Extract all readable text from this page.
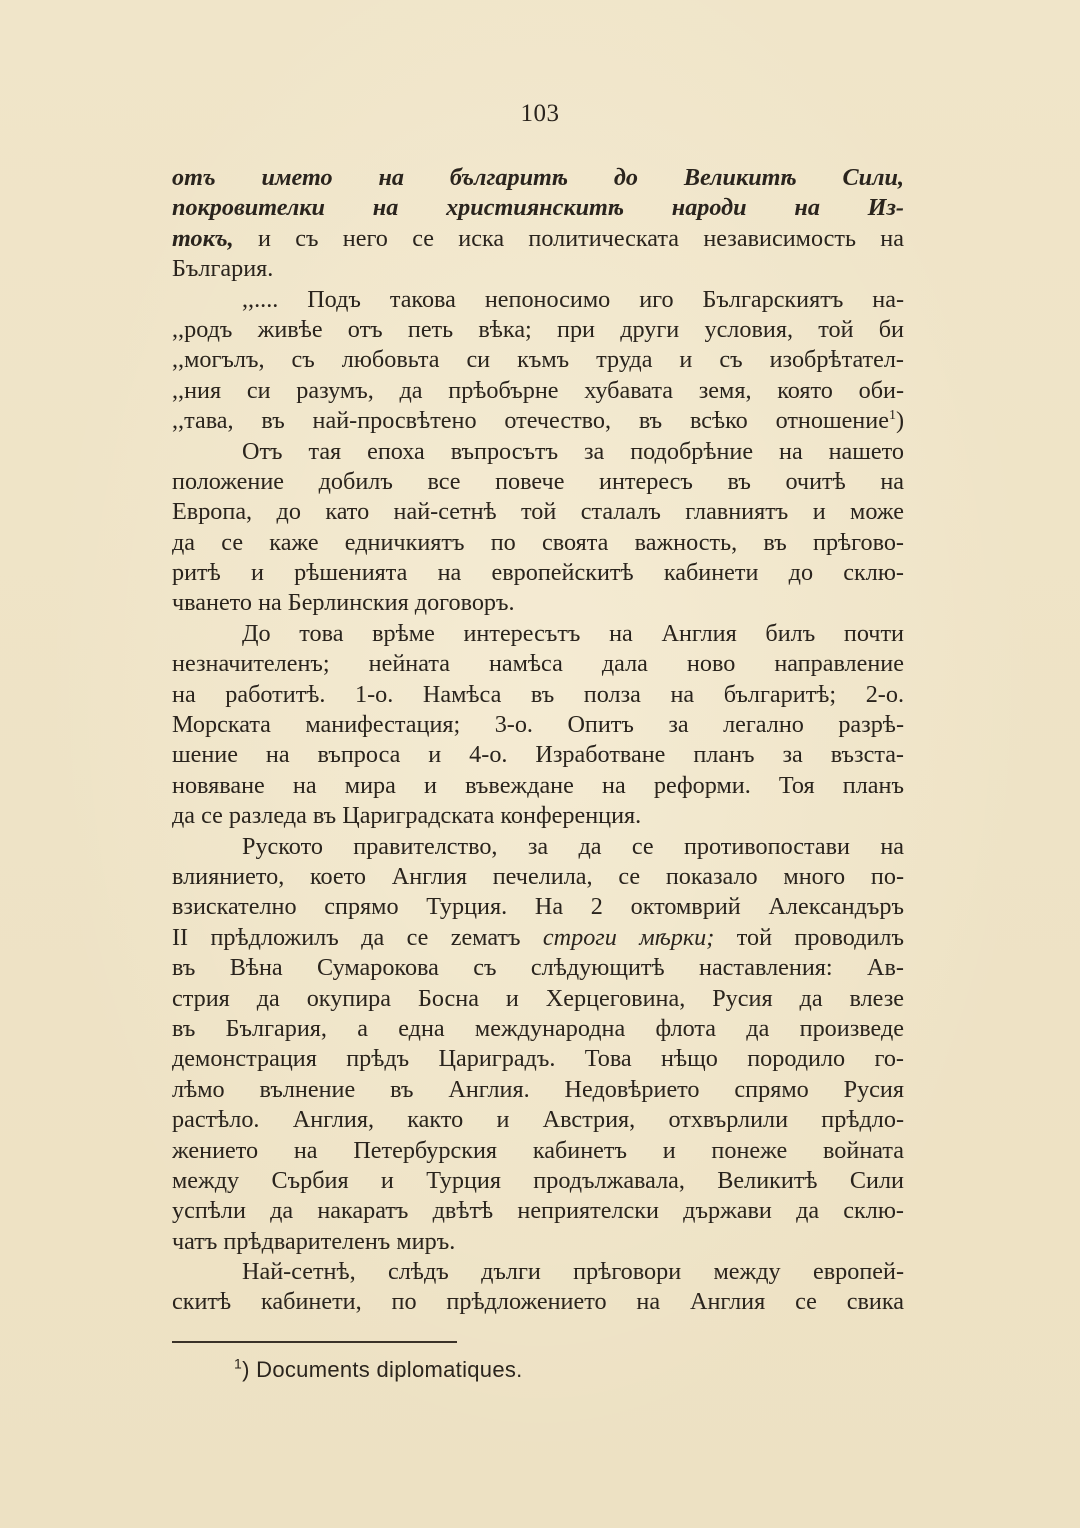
103
отъ името на българитѣ до Великитѣ Сили,
покровителки на християнскитѣ народи на Из-
токъ, и съ него се иска политическата независимость на
България.
,,.... Подъ такова непоносимо иго Българскиятъ на-
,,родъ живѣе отъ петь вѣка; при други условия, той би
,,могълъ, съ любовьта си къмъ труда и съ изобрѣтател-
,,ния си разумъ, да прѣобърне хубавата земя, която оби-
,,тава, въ най-просвѣтено отечество, въ всѣко отношение$^1$)
Отъ тая епоха въпросътъ за подобрѣние на нашето
положение добилъ все повече интересъ въ очитѣ на
Европа, до като най-сетнѣ той сталалъ главниятъ и може
да се каже едничкиятъ по своята важность, въ прѣгово-
ритѣ и рѣшенията на европейскитѣ кабинети до склю-
чването на Берлинския договоръ.
До това врѣме интересътъ на Англия билъ почти
незначителенъ; нейната намѣса дала ново направление
на работитѣ. 1-о. Намѣса въ полза на българитѣ; 2-о.
Морската манифестация; 3-о. Опитъ за легално разрѣ-
шение на въпроса и 4-о. Изработване планъ за възста-
новяване на мира и въвеждане на реформи. Тоя планъ
да се разледа въ Цариградската конференция.
Руското правителство, за да се противопостави на
влиянието, което Англия печелила, се показало много по-
взискателно спрямо Турция. На 2 октомврий Александъръ
II прѣдложилъ да се zематъ строги мѣрки; той проводилъ
въ Вѣна Сумарокова съ слѣдующитѣ наставления: Ав-
стрия да окупира Босна и Херцеговина, Русия да влезе
въ България, а една международна флота да произведе
демонстрация прѣдъ Цариградъ. Това нѣщо породило го-
лѣмо вълнение въ Англия. Недовѣрието спрямо Русия
растѣло. Англия, както и Австрия, отхвърлили прѣдло-
жението на Петербурския кабинетъ и понеже войната
между Сърбия и Турция продължавала, Великитѣ Сили
успѣли да накаратъ двѣтѣ неприятелски държави да склю-
чатъ прѣдварителенъ миръ.
Най-сетнѣ, слѣдъ дълги прѣговори между европей-
скитѣ кабинети, по прѣдложението на Англия се свика
$^1$) Documents diplomatiques.
